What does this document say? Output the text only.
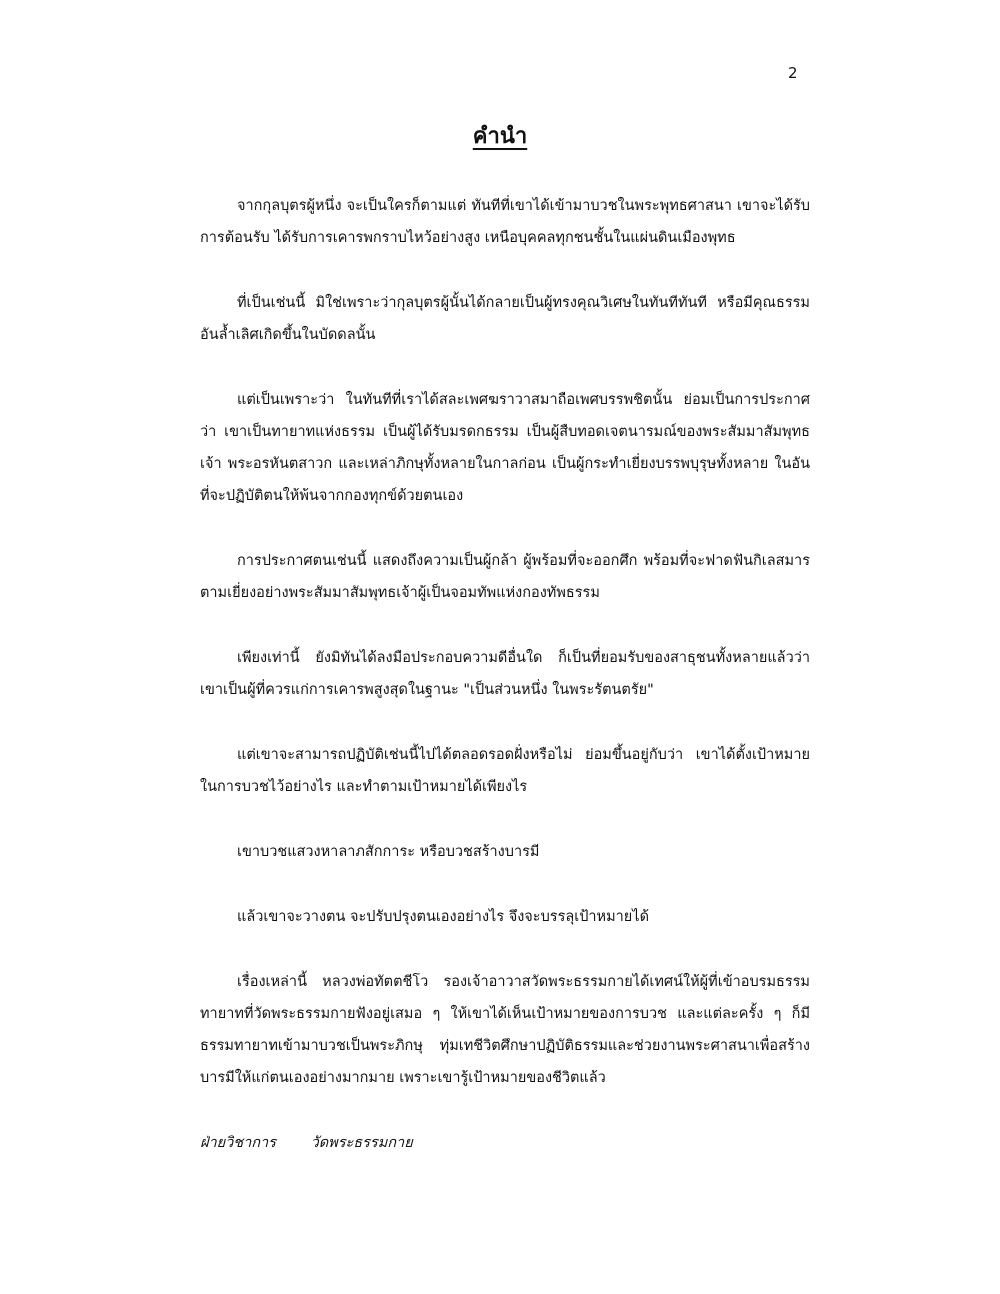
2
คำนำ

จากกุลบุตรผู้หนึ่ง จะเป็นใครก็ตามแต่ ทันทีที่เขาได้เข้ามาบวชในพระพุทธศาสนา เขาจะได้รับการต้อนรับ ได้รับการเคารพกราบไหว้อย่างสูง เหนือบุคคลทุกชนชั้นในแผ่นดินเมืองพุทธ

ที่เป็นเช่นนี้ มิใช่เพราะว่ากุลบุตรผู้นั้นได้กลายเป็นผู้ทรงคุณวิเศษในทันทีทันที หรือมีคุณธรรม อันล้ำเลิศเกิดขึ้นในบัดดลนั้น

แต่เป็นเพราะว่า ในทันทีที่เราได้สละเพศฆราวาสมาถือเพศบรรพชิตนั้น ย่อมเป็นการประกาศว่า เขาเป็นทายาทแห่งธรรม เป็นผู้ได้รับมรดกธรรม เป็นผู้สืบทอดเจตนารมณ์ของพระสัมมาสัมพุทธเจ้า พระอรหันตสาวก และเหล่าภิกษุทั้งหลายในกาลก่อน เป็นผู้กระทำเยี่ยงบรรพบุรุษทั้งหลาย ในอันที่จะปฏิบัติตนให้พ้นจากกองทุกข์ด้วยตนเอง

การประกาศตนเช่นนี้ แสดงถึงความเป็นผู้กล้า ผู้พร้อมที่จะออกศึก พร้อมที่จะฟาดฟันกิเลสมาร ตามเยี่ยงอย่างพระสัมมาสัมพุทธเจ้าผู้เป็นจอมทัพแห่งกองทัพธรรม

เพียงเท่านี้ ยังมิทันได้ลงมือประกอบความดีอื่นใด ก็เป็นที่ยอมรับของสาธุชนทั้งหลายแล้วว่า เขาเป็นผู้ที่ควรแก่การเคารพสูงสุดในฐานะ "เป็นส่วนหนึ่ง ในพระรัตนตรัย"

แต่เขาจะสามารถปฏิบัติเช่นนี้ไปได้ตลอดรอดฝั่งหรือไม่ ย่อมขึ้นอยู่กับว่า เขาได้ตั้งเป้าหมายในการบวชไว้อย่างไร และทำตามเป้าหมายได้เพียงไร

เขาบวชแสวงหาลาภสักการะ หรือบวชสร้างบารมี

แล้วเขาจะวางตน จะปรับปรุงตนเองอย่างไร จึงจะบรรลุเป้าหมายได้

เรื่องเหล่านี้ หลวงพ่อทัตตชีโว รองเจ้าอาวาสวัดพระธรรมกายได้เทศน์ให้ผู้ที่เข้าอบรมธรรมทายาทที่วัดพระธรรมกายฟังอยู่เสมอ ๆ ให้เขาได้เห็นเป้าหมายของการบวช และแต่ละครั้ง ๆ ก็มีธรรมทายาทเข้ามาบวชเป็นพระภิกษุ ทุ่มเทชีวิตศึกษาปฏิบัติธรรมและช่วยงานพระศาสนาเพื่อสร้างบารมีให้แก่ตนเองอย่างมากมาย เพราะเขารู้เป้าหมายของชีวิตแล้ว

ฝ่ายวิชาการ วัดพระธรรมกาย
